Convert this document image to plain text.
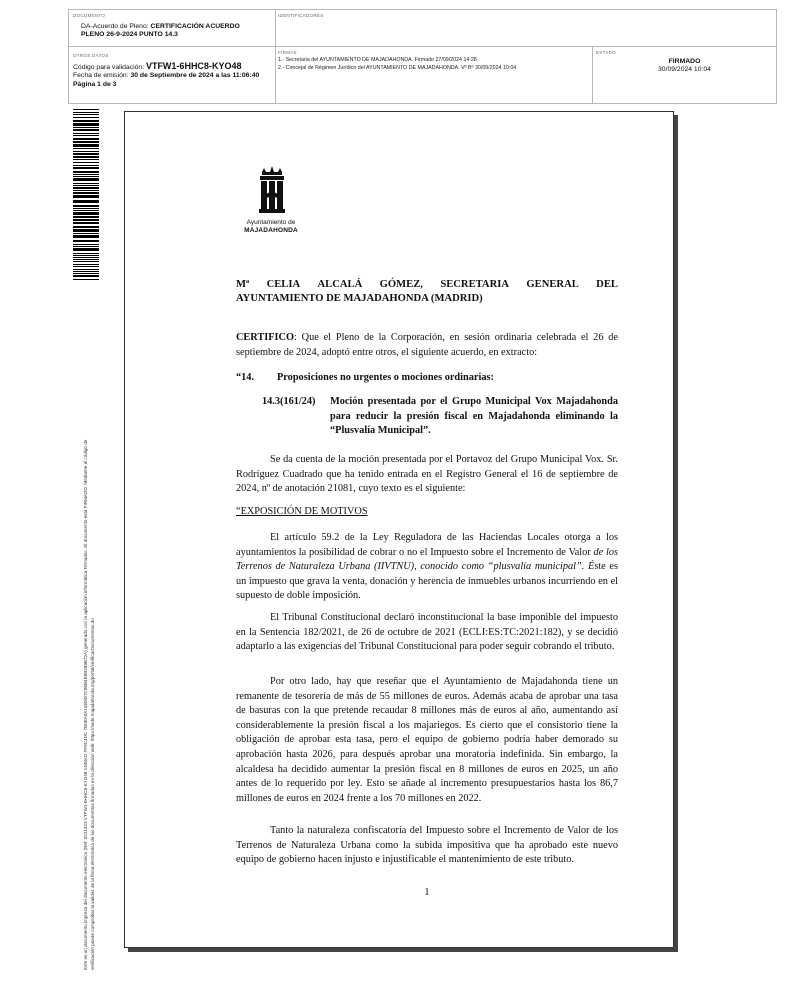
DOCUMENTO
DA-Acuerdo de Pleno: CERTIFICACIÓN ACUERDO
PLENO 26-9-2024 PUNTO 14.3
IDENTIFICADORES
OTROS DATOS
Código para validación: VTFW1-6HHC8-KYO48
Fecha de emisión: 30 de Septiembre de 2024 a las 11:06:40
Página 1 de 3
FIRMAS
1.- Secretaria del AYUNTAMIENTO DE MAJADAHONDA. Firmado 27/09/2024 14:28
2.- Concejal de Régimen Jurídico del AYUNTAMIENTO DE MAJADAHONDA. Vº Bº 30/09/2024 10:04
ESTADO
FIRMADO
30/09/2024 10:04
Este es un documento impreso del documento electrónico (Ref: 3221423 VTFW1-6HHC8-KYO48 1448AD FF9C4DC 7B0EA0A1EB9D7C96B4E6B289B72A) generado con la aplicación informática Firmadoc. El documento está FIRMADO. Mediante el código de verificación puede comprobar la validez de la firma electrónica de los documentos firmados en la dirección web: https://sede.majadahonda.org/portal/verificarDocumentos.do
Ayuntamiento de
MAJADAHONDA
Mª CELIA ALCALÁ GÓMEZ, SECRETARIA GENERAL DEL
AYUNTAMIENTO DE MAJADAHONDA (MADRID)
CERTIFICO: Que el Pleno de la Corporación, en sesión ordinaria celebrada el 26 de septiembre de 2024, adoptó entre otros, el siguiente acuerdo, en extracto:
“14. Proposiciones no urgentes o mociones ordinarias:
14.3(161/24)	Moción presentada por el Grupo Municipal Vox Majadahonda para reducir la presión fiscal en Majadahonda eliminando la “Plusvalía Municipal”.
Se da cuenta de la moción presentada por el Portavoz del Grupo Municipal Vox. Sr. Rodríguez Cuadrado que ha tenido entrada en el Registro General el 16 de septiembre de 2024, nº de anotación 21081, cuyo texto es el siguiente:
“EXPOSICIÓN DE MOTIVOS
El artículo 59.2 de la Ley Reguladora de las Haciendas Locales otorga a los ayuntamientos la posibilidad de cobrar o no el Impuesto sobre el Incremento de Valor de los Terrenos de Naturaleza Urbana (IIVTNU), conocido como “plusvalía municipal”. Éste es un impuesto que grava la venta, donación y herencia de inmuebles urbanos incurriendo en el supuesto de doble imposición.
El Tribunal Constitucional declaró inconstitucional la base imponible del impuesto en la Sentencia 182/2021, de 26 de octubre de 2021 (ECLI:ES:TC:2021:182), y se decidió adaptarlo a las exigencias del Tribunal Constitucional para poder seguir cobrando el tributo.
Por otro lado, hay que reseñar que el Ayuntamiento de Majadahonda tiene un remanente de tesorería de más de 55 millones de euros. Además acaba de aprobar una tasa de basuras con la que pretende recaudar 8 millones más de euros al año, aumentando así considerablemente la presión fiscal a los majariegos. Es cierto que el consistorio tiene la obligación de aprobar esta tasa, pero el equipo de gobierno podría haber demorado su aprobación hasta 2026, para después aprobar una moratoria indefinida. Sin embargo, la alcaldesa ha decidido aumentar la presión fiscal en 8 millones de euros en 2025, un año antes de lo requerido por ley. Esto se añade al incremento presupuestarios hasta los 86,7 millones de euros en 2024 frente a los 70 millones en 2022.
Tanto la naturaleza confiscatoria del Impuesto sobre el Incremento de Valor de los Terrenos de Naturaleza Urbana como la subida impositiva que ha aprobado este nuevo equipo de gobierno hacen injusto e injustificable el mantenimiento de este tributo.
1
